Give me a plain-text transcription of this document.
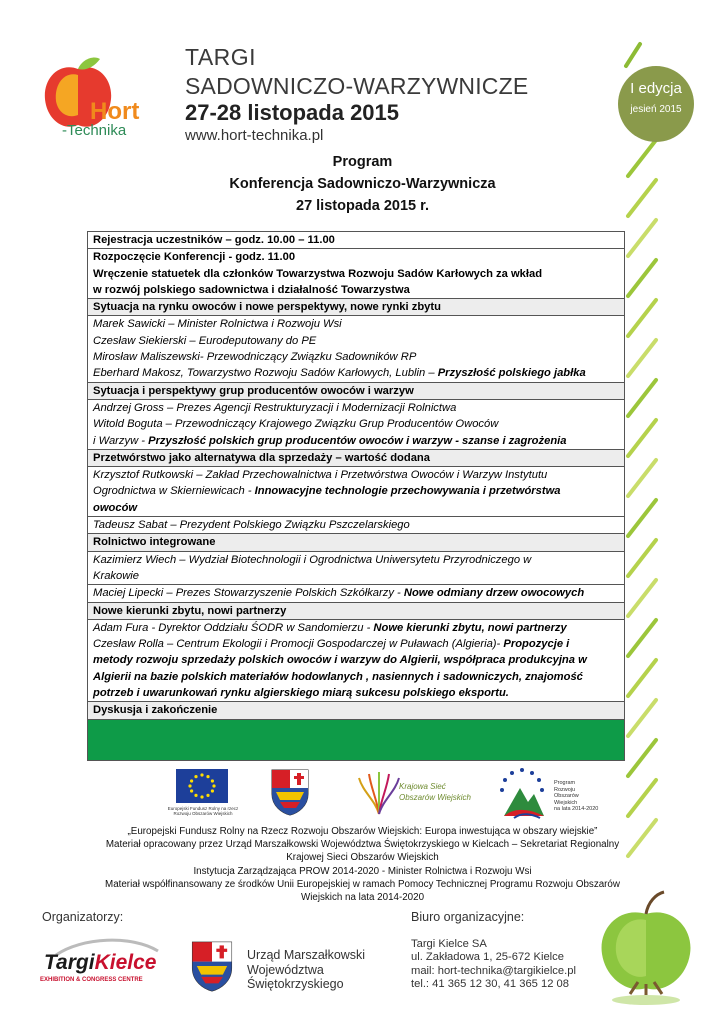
I edycja
jesień 2015
Hort
-Technika
TARGI
SADOWNICZO-WARZYWNICZE
27-28 listopada 2015
www.hort-technika.pl
Program
Konferencja Sadowniczo-Warzywnicza
27 listopada 2015 r.
Rejestracja uczestników – godz. 10.00 – 11.00
Rozpoczęcie Konferencji - godz. 11.00
Wręczenie statuetek dla członków Towarzystwa Rozwoju Sadów Karłowych za wkład
w rozwój polskiego sadownictwa i działalność Towarzystwa
Sytuacja na rynku owoców i nowe perspektywy, nowe rynki zbytu
Marek Sawicki – Minister Rolnictwa i Rozwoju Wsi
Czesław Siekierski – Eurodeputowany do PE
Mirosław Maliszewski- Przewodniczący Związku Sadowników RP
Eberhard Makosz, Towarzystwo Rozwoju Sadów Karłowych, Lublin – Przyszłość polskiego jabłka
Sytuacja i perspektywy grup producentów owoców i warzyw
Andrzej Gross – Prezes Agencji Restrukturyzacji i Modernizacji Rolnictwa
Witold Boguta – Przewodniczący Krajowego Związku Grup Producentów Owoców
i Warzyw - Przyszłość polskich grup producentów owoców i warzyw - szanse i zagrożenia
Przetwórstwo jako alternatywa dla sprzedaży – wartość dodana
Krzysztof Rutkowski – Zakład Przechowalnictwa i Przetwórstwa Owoców i Warzyw Instytutu
Ogrodnictwa w Skierniewicach - Innowacyjne technologie przechowywania i przetwórstwa
owoców
Tadeusz Sabat – Prezydent Polskiego Związku Pszczelarskiego
Rolnictwo integrowane
Kazimierz Wiech – Wydział Biotechnologii i Ogrodnictwa Uniwersytetu Przyrodniczego w
Krakowie
Maciej Lipecki – Prezes Stowarzyszenie Polskich Szkółkarzy - Nowe odmiany drzew owocowych
Nowe kierunki zbytu, nowi partnerzy
Adam Fura - Dyrektor Oddziału ŚODR w Sandomierzu - Nowe kierunki zbytu, nowi partnerzy
Czesław Rolla – Centrum Ekologii i Promocji Gospodarczej w Puławach (Algieria)- Propozycje i
metody rozwoju sprzedaży polskich owoców i warzyw do Algierii, współpraca produkcyjna w
Algierii na bazie polskich materiałów hodowlanych , nasiennych i sadowniczych, znajomość
potrzeb i uwarunkowań rynku algierskiego miarą sukcesu polskiego eksportu.
Dyskusja i zakończenie
Europejski Fundusz Rolny na rzecz
Rozwoju Obszarów Wiejskich
Krajowa Sieć
Obszarów Wiejskich
Program
Rozwoju
Obszarów
Wiejskich
na lata 2014-2020
„Europejski Fundusz Rolny na Rzecz Rozwoju Obszarów Wiejskich: Europa inwestująca w obszary wiejskie”
Materiał opracowany przez Urząd Marszałkowski Województwa Świętokrzyskiego w Kielcach – Sekretariat Regionalny
Krajowej Sieci Obszarów Wiejskich
Instytucja Zarządzająca PROW 2014-2020 - Minister Rolnictwa i Rozwoju Wsi
Materiał współfinansowany ze środków Unii Europejskiej w ramach Pomocy Technicznej Programu Rozwoju Obszarów
Wiejskich na lata 2014-2020
Organizatorzy:
TargiKielce
EXHIBITION & CONGRESS CENTRE
Urząd Marszałkowski
Województwa
Świętokrzyskiego
Biuro organizacyjne:
Targi Kielce SA
ul. Zakładowa 1, 25-672 Kielce
mail: hort-technika@targikielce.pl
tel.: 41 365 12 30, 41 365 12 08
